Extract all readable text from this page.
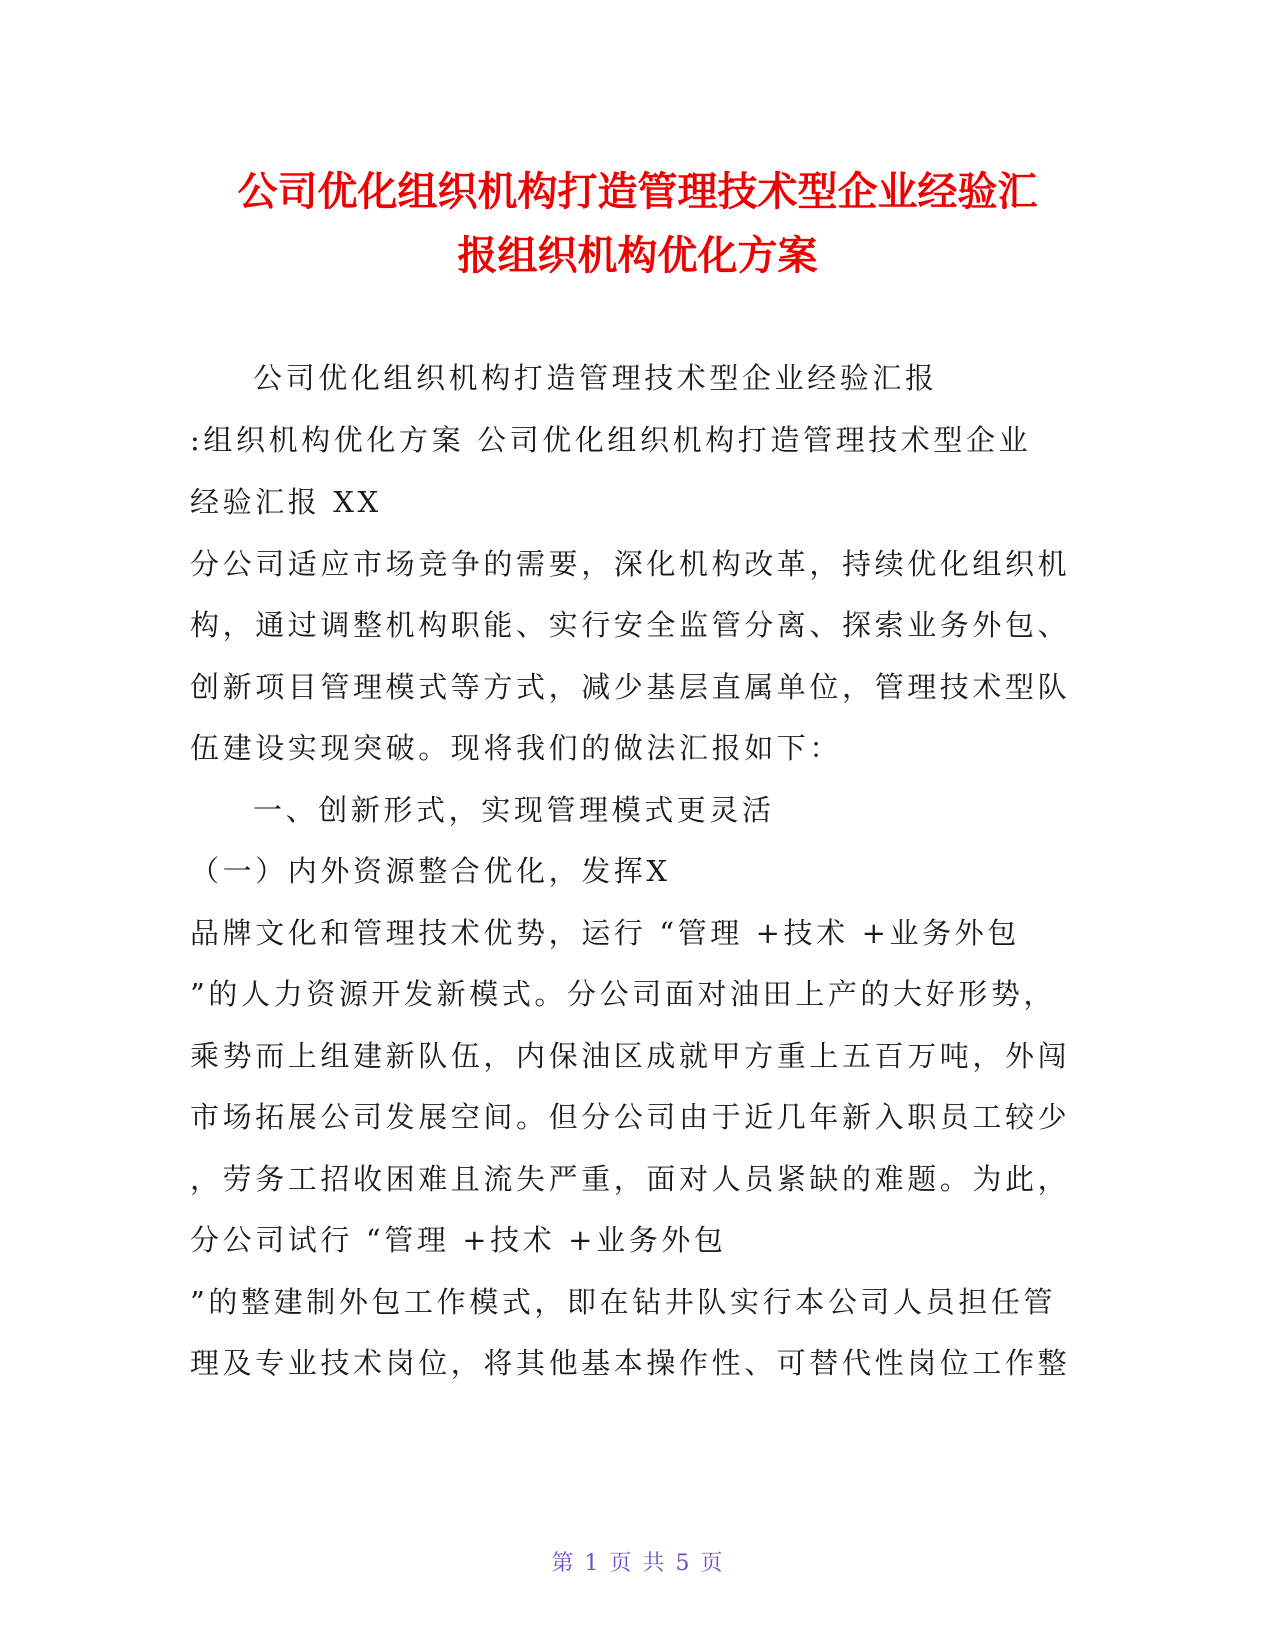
公司优化组织机构打造管理技术型企业经验汇
报组织机构优化方案
公司优化组织机构打造管理技术型企业经验汇报
:组织机构优化方案 公司优化组织机构打造管理技术型企业
经验汇报 XX
分公司适应市场竞争的需要，深化机构改革，持续优化组织机
构，通过调整机构职能、实行安全监管分离、探索业务外包、
创新项目管理模式等方式，减少基层直属单位，管理技术型队
伍建设实现突破。现将我们的做法汇报如下：
一、创新形式，实现管理模式更灵活
（一）内外资源整合优化，发挥X
品牌文化和管理技术优势，运行 “管理 +技术 +业务外包
”的人力资源开发新模式。分公司面对油田上产的大好形势，
乘势而上组建新队伍，内保油区成就甲方重上五百万吨，外闯
市场拓展公司发展空间。但分公司由于近几年新入职员工较少
，劳务工招收困难且流失严重，面对人员紧缺的难题。为此，
分公司试行 “管理 +技术 +业务外包
”的整建制外包工作模式，即在钻井队实行本公司人员担任管
理及专业技术岗位，将其他基本操作性、可替代性岗位工作整
第 1 页 共 5 页
